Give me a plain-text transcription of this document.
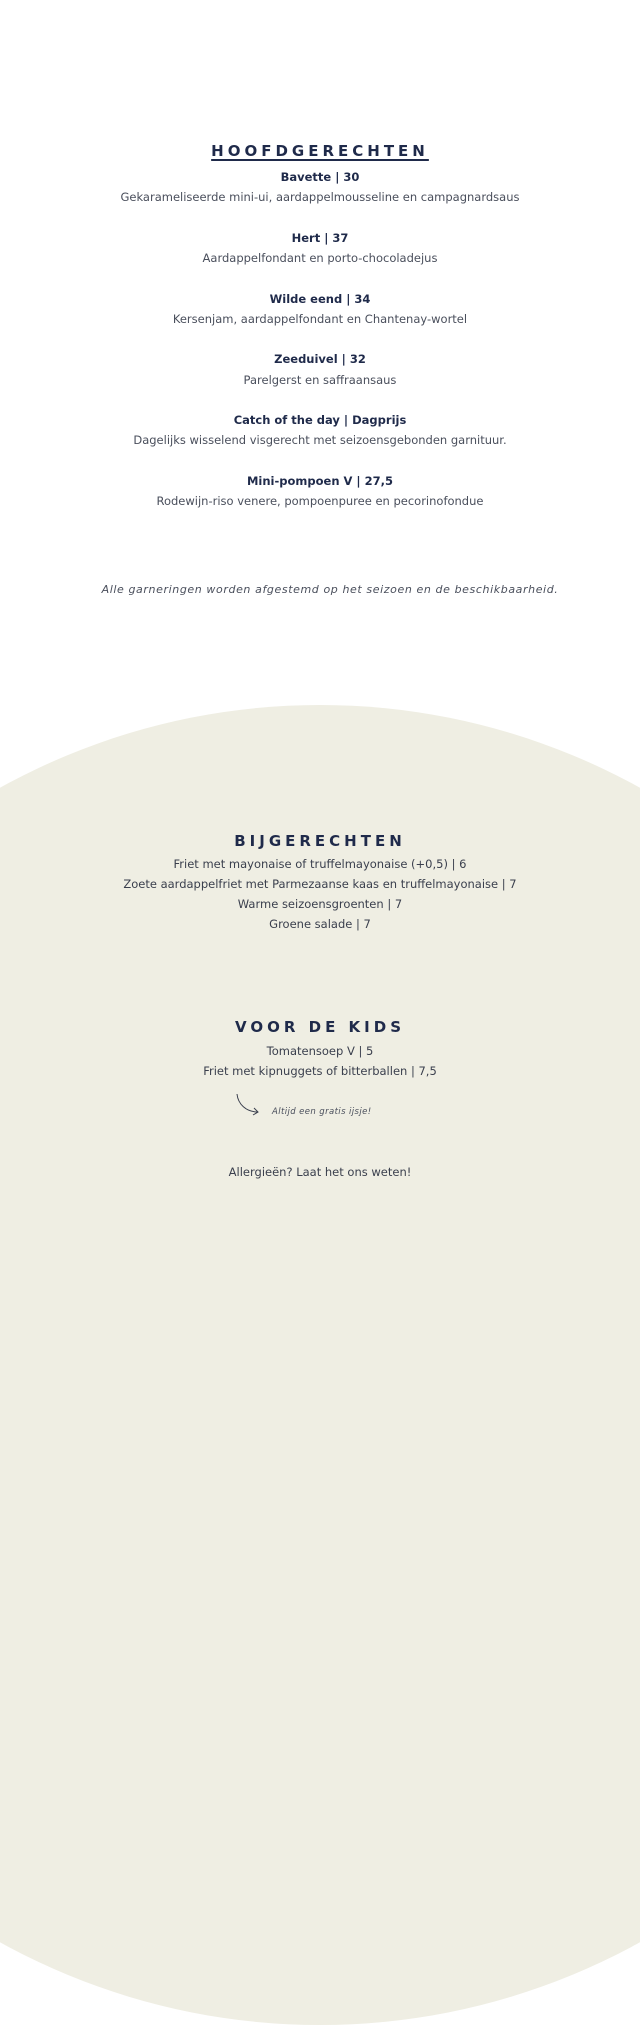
HOOFDGERECHTEN
Bavette | 30
Gekarameliseerde mini-ui, aardappelmousseline en campagnardsaus
Hert | 37
Aardappelfondant en porto-chocoladejus
Wilde eend | 34
Kersenjam, aardappelfondant en Chantenay-wortel
Zeeduivel | 32
Parelgerst en saffraansaus
Catch of the day | Dagprijs
Dagelijks wisselend visgerecht met seizoensgebonden garnituur.
Mini-pompoen V | 27,5
Rodewijn-riso venere, pompoenpuree en pecorinofondue
Alle garneringen worden afgestemd op het seizoen en de beschikbaarheid.
BIJGERECHTEN
Friet met mayonaise of truffelmayonaise (+0,5) | 6
Zoete aardappelfriet met Parmezaanse kaas en truffelmayonaise | 7
Warme seizoensgroenten | 7
Groene salade | 7
VOOR DE KIDS
Tomatensoep V | 5
Friet met kipnuggets of bitterballen | 7,5
Altijd een gratis ijsje!
Allergieën? Laat het ons weten!
